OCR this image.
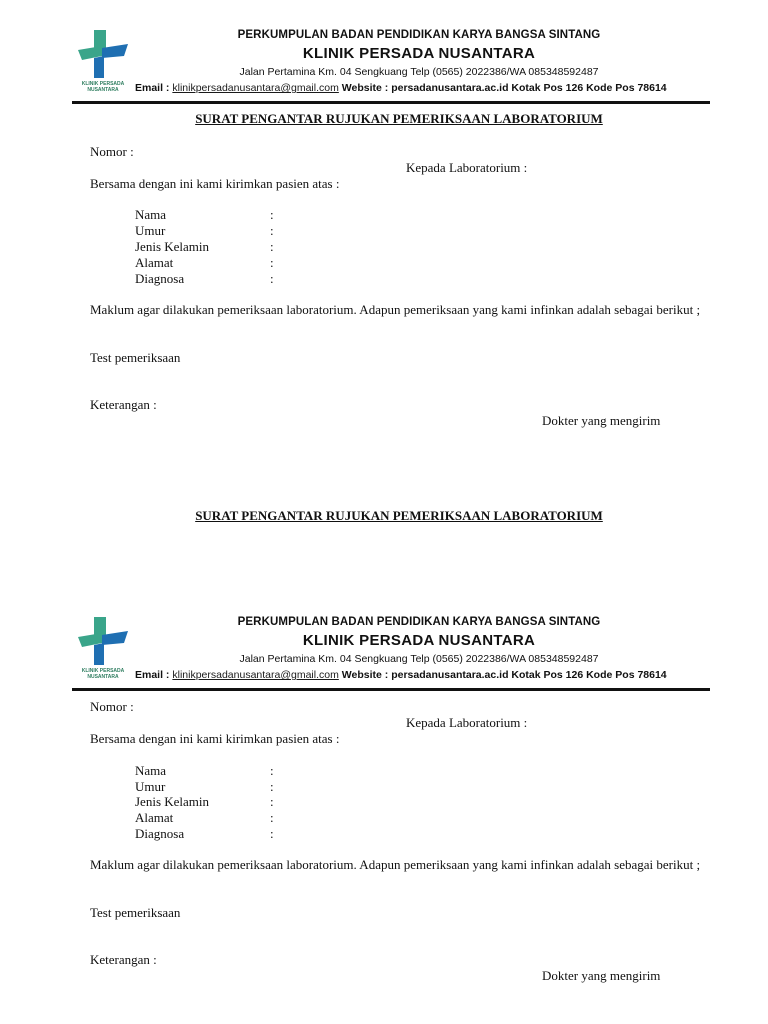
KLINIK PERSADA NUSANTARA
PERKUMPULAN BADAN PENDIDIKAN KARYA BANGSA SINTANG
KLINIK PERSADA NUSANTARA
Jalan Pertamina Km. 04 Sengkuang Telp (0565) 2022386/WA 085348592487
Email : klinikpersadanusantara@gmail.com Website : persadanusantara.ac.id Kotak Pos 126 Kode Pos 78614
SURAT PENGANTAR RUJUKAN PEMERIKSAAN LABORATORIUM
Nomor :
Kepada Laboratorium :
Bersama dengan ini kami kirimkan pasien atas :
Nama	:
Umur	:
Jenis Kelamin	:
Alamat	:
Diagnosa	:
Maklum agar dilakukan pemeriksaan laboratorium. Adapun pemeriksaan yang kami infinkan adalah sebagai berikut ;
Test pemeriksaan
Keterangan :
Dokter yang mengirim
SURAT PENGANTAR RUJUKAN PEMERIKSAAN LABORATORIUM
KLINIK PERSADA NUSANTARA
PERKUMPULAN BADAN PENDIDIKAN KARYA BANGSA SINTANG
KLINIK PERSADA NUSANTARA
Jalan Pertamina Km. 04 Sengkuang Telp (0565) 2022386/WA 085348592487
Email : klinikpersadanusantara@gmail.com Website : persadanusantara.ac.id Kotak Pos 126 Kode Pos 78614
Nomor :
Kepada Laboratorium :
Bersama dengan ini kami kirimkan pasien atas :
Nama	:
Umur	:
Jenis Kelamin	:
Alamat	:
Diagnosa	:
Maklum agar dilakukan pemeriksaan laboratorium. Adapun pemeriksaan yang kami infinkan adalah sebagai berikut ;
Test pemeriksaan
Keterangan :
Dokter yang mengirim
